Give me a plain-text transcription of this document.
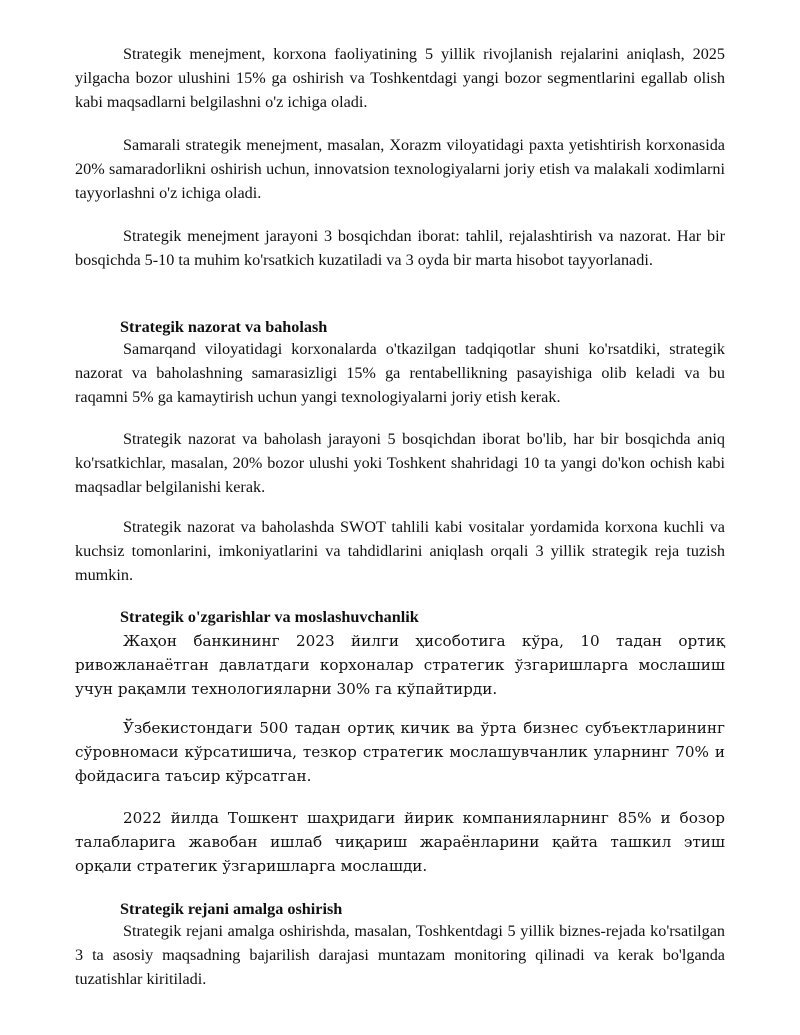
Strategik menejment, korxona faoliyatining 5 yillik rivojlanish rejalarini aniqlash, 2025 yilgacha bozor ulushini 15% ga oshirish va Toshkentdagi yangi bozor segmentlarini egallab olish kabi maqsadlarni belgilashni o'z ichiga oladi.

Samarali strategik menejment, masalan, Xorazm viloyatidagi paxta yetishtirish korxonasida 20% samaradorlikni oshirish uchun, innovatsion texnologiyalarni joriy etish va malakali xodimlarni tayyorlashni o'z ichiga oladi.

Strategik menejment jarayoni 3 bosqichdan iborat: tahlil, rejalashtirish va nazorat. Har bir bosqichda 5-10 ta muhim ko'rsatkich kuzatiladi va 3 oyda bir marta hisobot tayyorlanadi.

Strategik nazorat va baholash

Samarqand viloyatidagi korxonalarda o'tkazilgan tadqiqotlar shuni ko'rsatdiki, strategik nazorat va baholashning samarasizligi 15% ga rentabellikning pasayishiga olib keladi va bu raqamni 5% ga kamaytirish uchun yangi texnologiyalarni joriy etish kerak.

Strategik nazorat va baholash jarayoni 5 bosqichdan iborat bo'lib, har bir bosqichda aniq ko'rsatkichlar, masalan, 20% bozor ulushi yoki Toshkent shahridagi 10 ta yangi do'kon ochish kabi maqsadlar belgilanishi kerak.

Strategik nazorat va baholashda SWOT tahlili kabi vositalar yordamida korxona kuchli va kuchsiz tomonlarini, imkoniyatlarini va tahdidlarini aniqlash orqali 3 yillik strategik reja tuzish mumkin.

Strategik o'zgarishlar va moslashuvchanlik

Жаҳон банкининг 2023 йилги ҳисоботига кўра, 10 тадан ортиқ ривожланаётган давлатдаги корхоналар стратегик ўзгаришларга мослашиш учун рақамли технологияларни 30% га кўпайтирди.

Ўзбекистондаги 500 тадан ортиқ кичик ва ўрта бизнес субъектларининг сўровномаси кўрсатишича, тезкор стратегик мослашувчанлик уларнинг 70% и фойдасига таъсир кўрсатган.

2022 йилда Тошкент шаҳридаги йирик компанияларнинг 85% и бозор талабларига жавобан ишлаб чиқариш жараёнларини қайта ташкил этиш орқали стратегик ўзгаришларга мослашди.

Strategik rejani amalga oshirish

Strategik rejani amalga oshirishda, masalan, Toshkentdagi 5 yillik biznes-rejada ko'rsatilgan 3 ta asosiy maqsadning bajarilish darajasi muntazam monitoring qilinadi va kerak bo'lganda tuzatishlar kiritiladi.
